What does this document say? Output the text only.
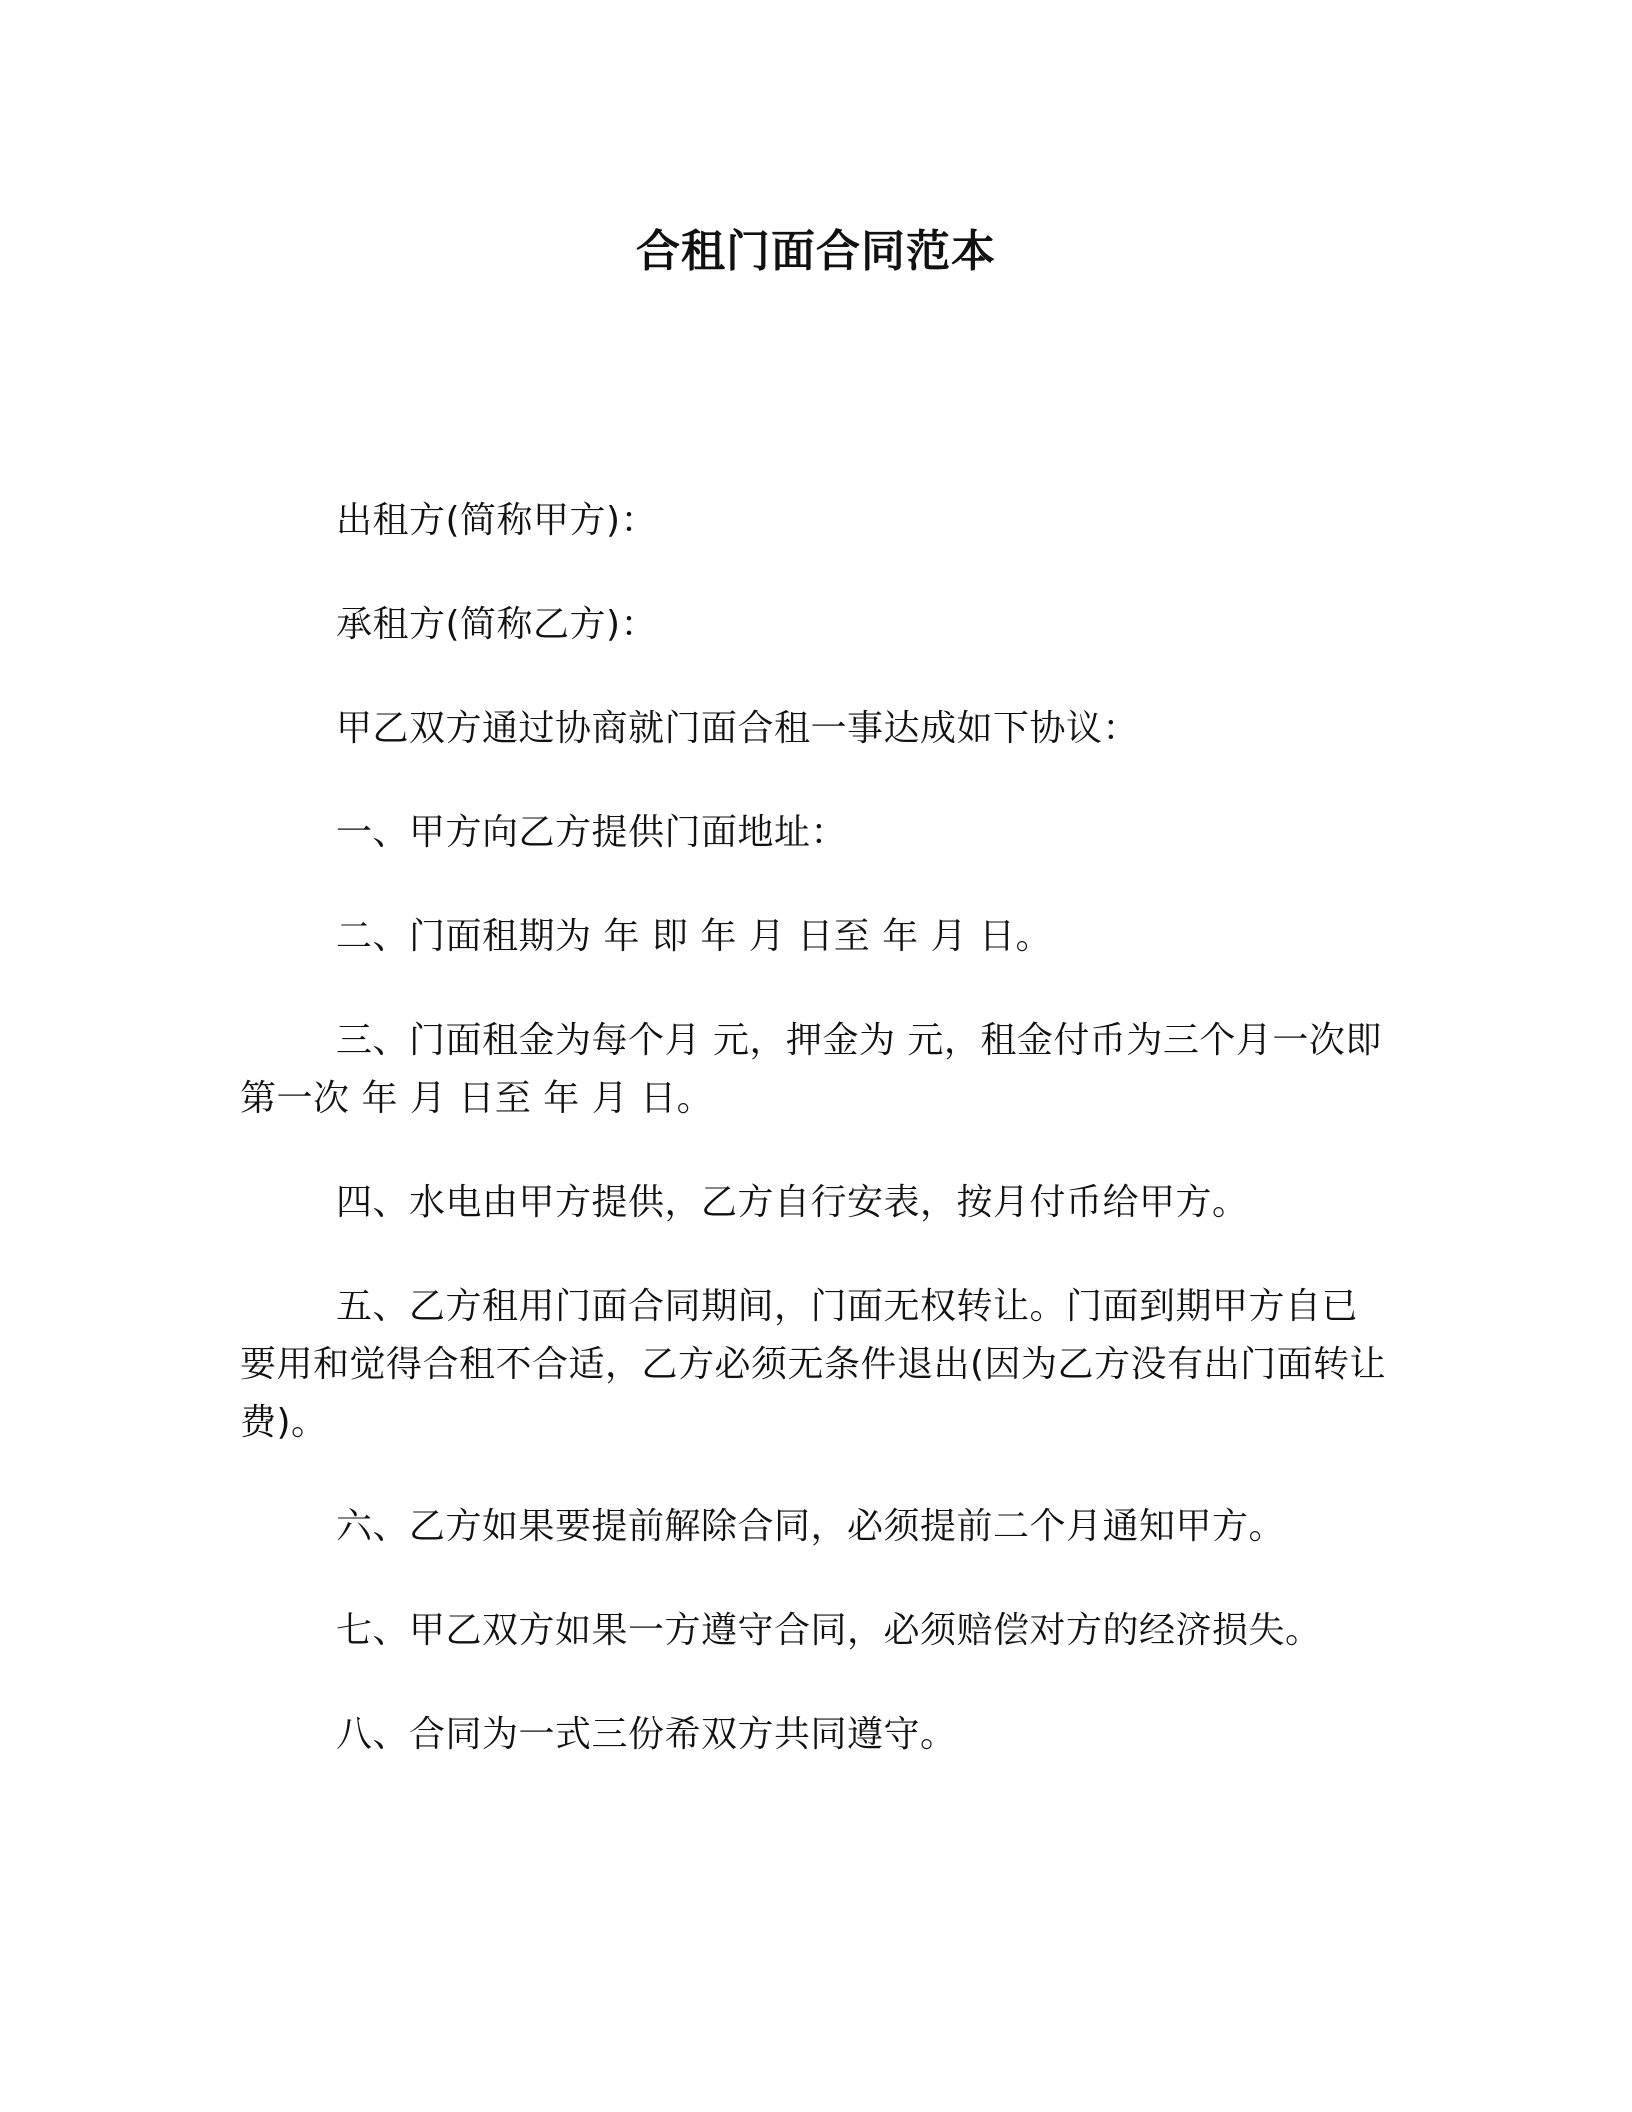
合租门面合同范本

出租方(简称甲方)：

承租方(简称乙方)：

甲乙双方通过协商就门面合租一事达成如下协议：

一、甲方向乙方提供门面地址：

二、门面租期为 年 即 年 月 日至 年 月 日。

三、门面租金为每个月 元，押金为 元，租金付币为三个月一次即第一次 年 月 日至 年 月 日。

四、水电由甲方提供，乙方自行安表，按月付币给甲方。

五、乙方租用门面合同期间，门面无权转让。门面到期甲方自已要用和觉得合租不合适，乙方必须无条件退出(因为乙方没有出门面转让费)。

六、乙方如果要提前解除合同，必须提前二个月通知甲方。

七、甲乙双方如果一方遵守合同，必须赔偿对方的经济损失。

八、合同为一式三份希双方共同遵守。
